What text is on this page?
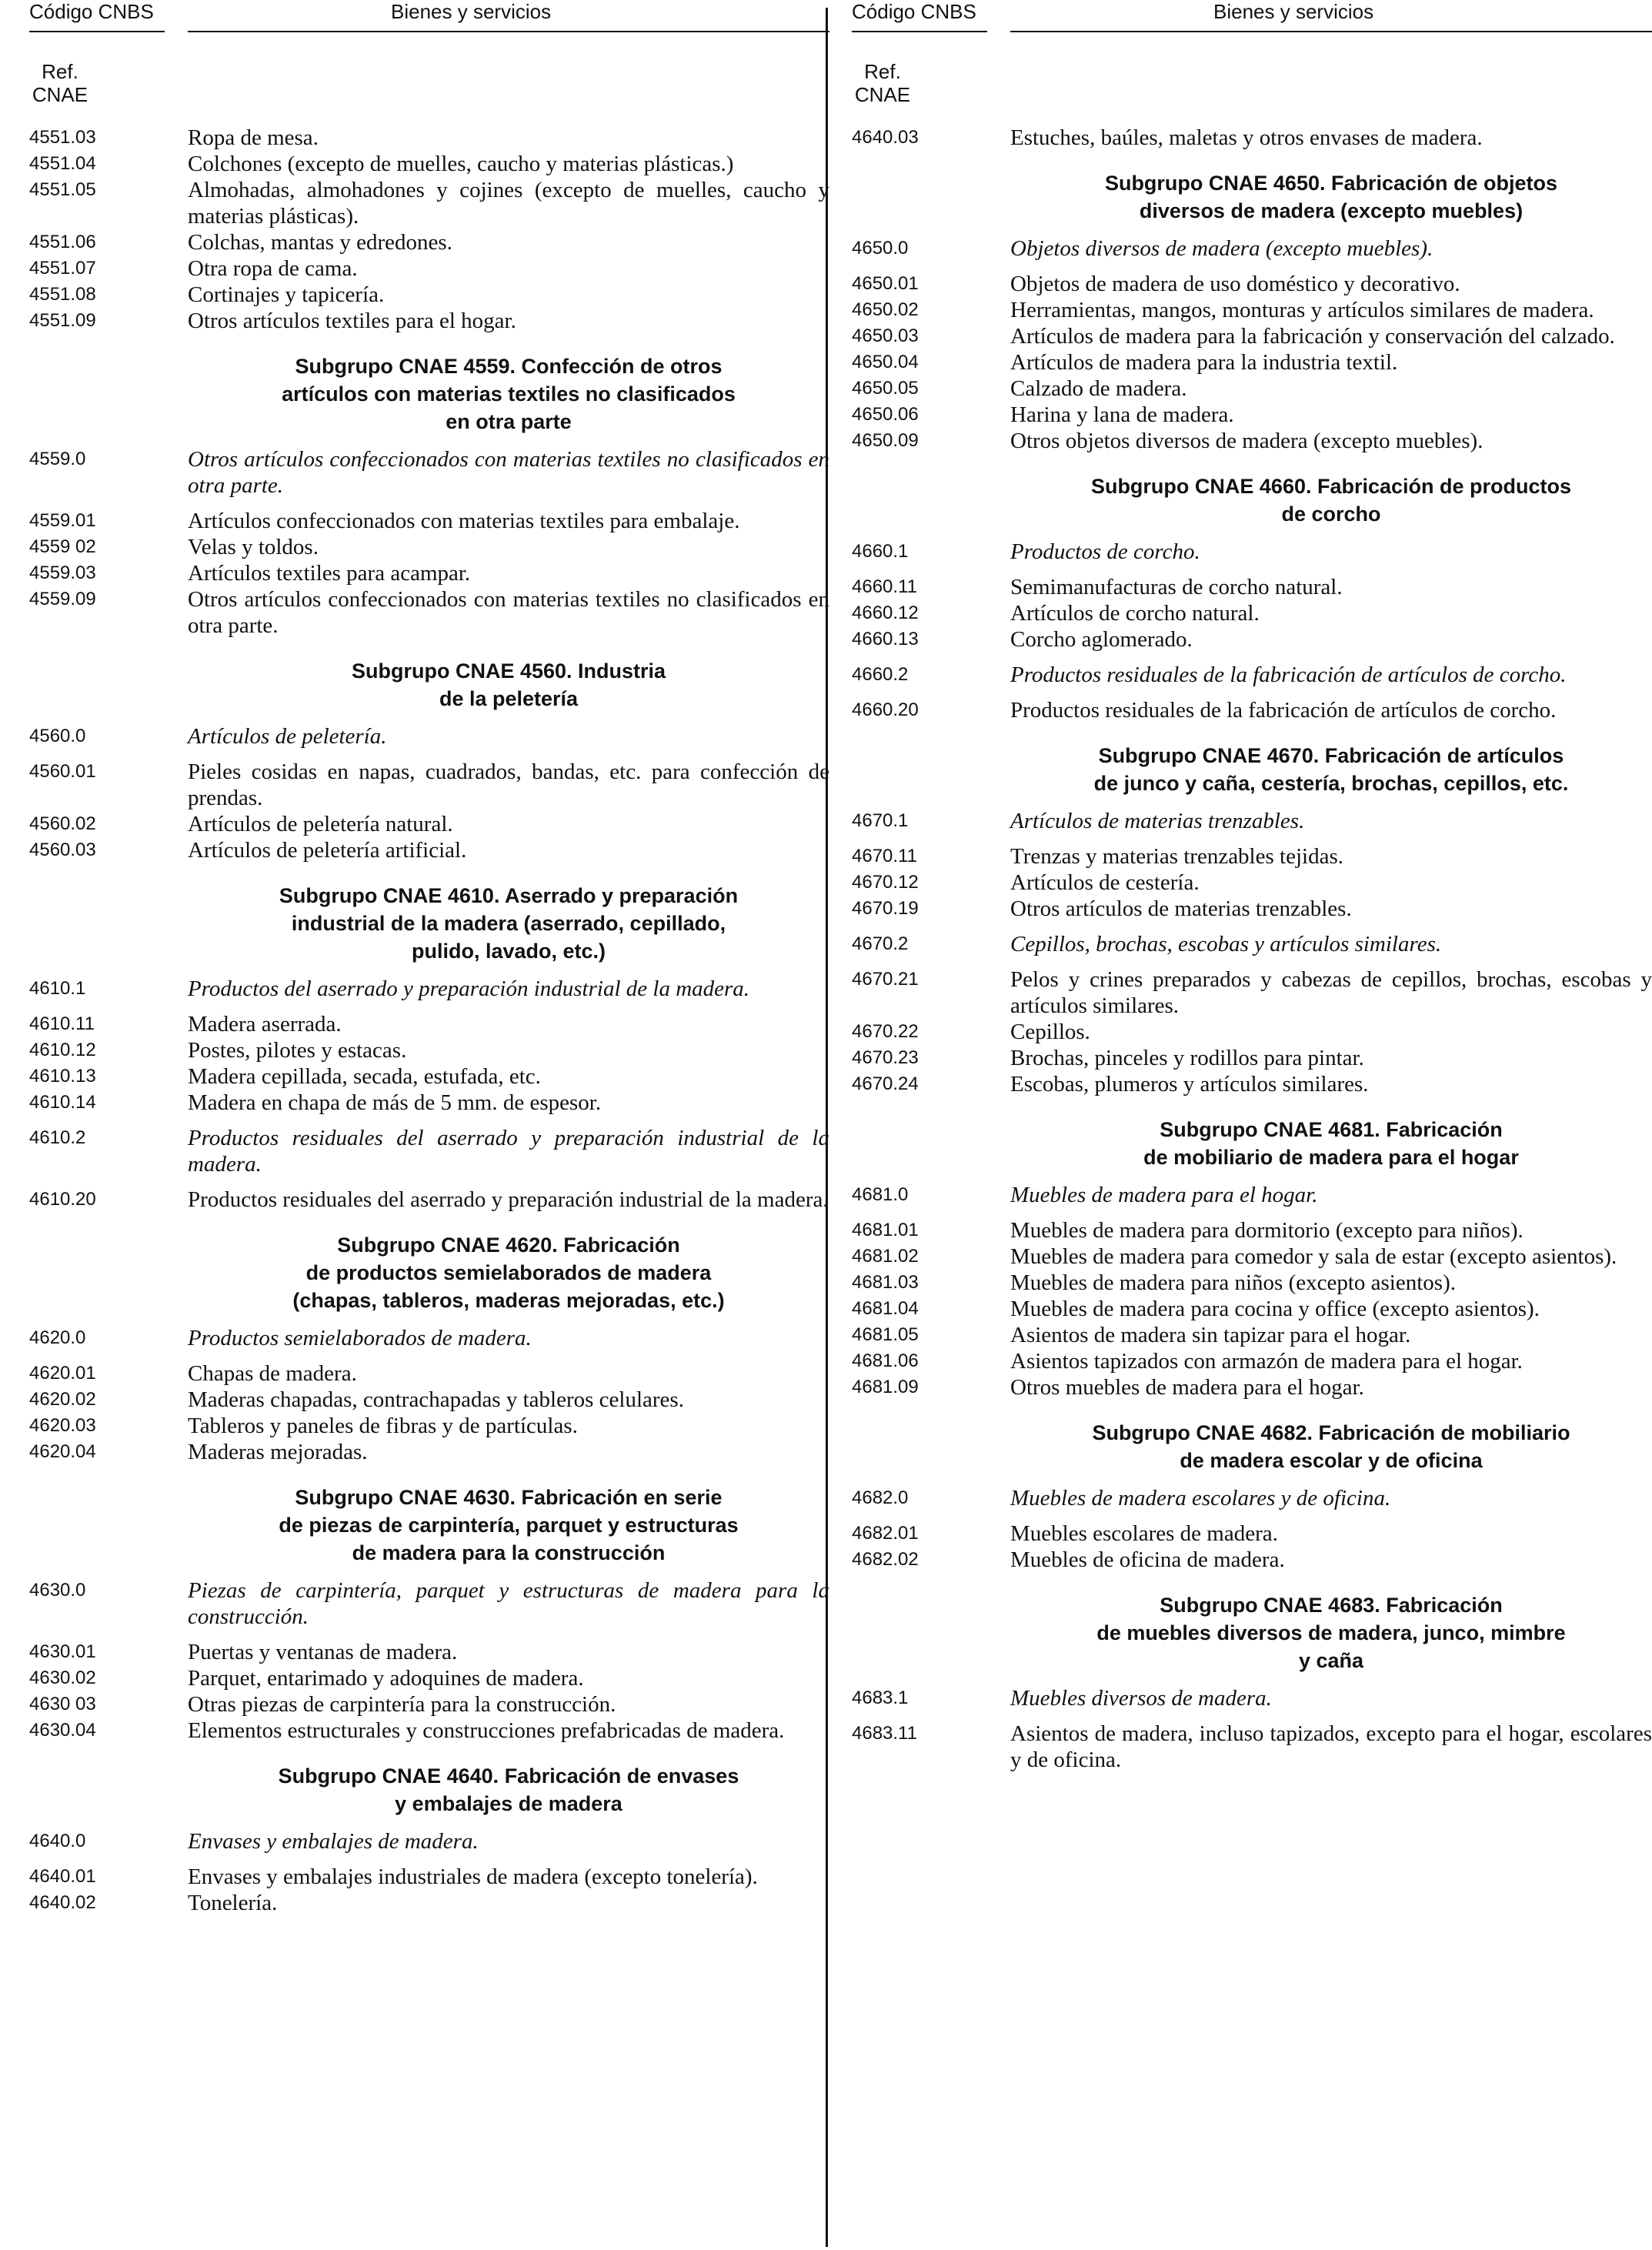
Código CNBS	Bienes y servicios
Ref.
CNAE
4551.03	Ropa de mesa.
4551.04	Colchones (excepto de muelles, caucho y materias plásticas.)
4551.05	Almohadas, almohadones y cojines (excepto de muelles, caucho y materias plásticas).
4551.06	Colchas, mantas y edredones.
4551.07	Otra ropa de cama.
4551.08	Cortinajes y tapicería.
4551.09	Otros artículos textiles para el hogar.
Subgrupo CNAE 4559. Confección de otros
artículos con materias textiles no clasificados
en otra parte
4559.0	Otros artículos confeccionados con materias textiles no clasificados en otra parte.
4559.01	Artículos confeccionados con materias textiles para embalaje.
4559 02	Velas y toldos.
4559.03	Artículos textiles para acampar.
4559.09	Otros artículos confeccionados con materias textiles no clasificados en otra parte.
Subgrupo CNAE 4560. Industria
de la peletería
4560.0	Artículos de peletería.
4560.01	Pieles cosidas en napas, cuadrados, bandas, etc. para confección de prendas.
4560.02	Artículos de peletería natural.
4560.03	Artículos de peletería artificial.
Subgrupo CNAE 4610. Aserrado y preparación
industrial de la madera (aserrado, cepillado,
pulido, lavado, etc.)
4610.1	Productos del aserrado y preparación industrial de la madera.
4610.11	Madera aserrada.
4610.12	Postes, pilotes y estacas.
4610.13	Madera cepillada, secada, estufada, etc.
4610.14	Madera en chapa de más de 5 mm. de espesor.
4610.2	Productos residuales del aserrado y preparación industrial de la madera.
4610.20	Productos residuales del aserrado y preparación industrial de la madera.
Subgrupo CNAE 4620. Fabricación
de productos semielaborados de madera
(chapas, tableros, maderas mejoradas, etc.)
4620.0	Productos semielaborados de madera.
4620.01	Chapas de madera.
4620.02	Maderas chapadas, contrachapadas y tableros celulares.
4620.03	Tableros y paneles de fibras y de partículas.
4620.04	Maderas mejoradas.
Subgrupo CNAE 4630. Fabricación en serie
de piezas de carpintería, parquet y estructuras
de madera para la construcción
4630.0	Piezas de carpintería, parquet y estructuras de madera para la construcción.
4630.01	Puertas y ventanas de madera.
4630.02	Parquet, entarimado y adoquines de madera.
4630 03	Otras piezas de carpintería para la construcción.
4630.04	Elementos estructurales y construcciones prefabricadas de madera.
Subgrupo CNAE 4640. Fabricación de envases
y embalajes de madera
4640.0	Envases y embalajes de madera.
4640.01	Envases y embalajes industriales de madera (excepto tonelería).
4640.02	Tonelería.
Código CNBS	Bienes y servicios
Ref.
CNAE
4640.03	Estuches, baúles, maletas y otros envases de madera.
Subgrupo CNAE 4650. Fabricación de objetos
diversos de madera (excepto muebles)
4650.0	Objetos diversos de madera (excepto muebles).
4650.01	Objetos de madera de uso doméstico y decorativo.
4650.02	Herramientas, mangos, monturas y artículos similares de madera.
4650.03	Artículos de madera para la fabricación y conservación del calzado.
4650.04	Artículos de madera para la industria textil.
4650.05	Calzado de madera.
4650.06	Harina y lana de madera.
4650.09	Otros objetos diversos de madera (excepto muebles).
Subgrupo CNAE 4660. Fabricación de productos
de corcho
4660.1	Productos de corcho.
4660.11	Semimanufacturas de corcho natural.
4660.12	Artículos de corcho natural.
4660.13	Corcho aglomerado.
4660.2	Productos residuales de la fabricación de artículos de corcho.
4660.20	Productos residuales de la fabricación de artículos de corcho.
Subgrupo CNAE 4670. Fabricación de artículos
de junco y caña, cestería, brochas, cepillos, etc.
4670.1	Artículos de materias trenzables.
4670.11	Trenzas y materias trenzables tejidas.
4670.12	Artículos de cestería.
4670.19	Otros artículos de materias trenzables.
4670.2	Cepillos, brochas, escobas y artículos similares.
4670.21	Pelos y crines preparados y cabezas de cepillos, brochas, escobas y artículos similares.
4670.22	Cepillos.
4670.23	Brochas, pinceles y rodillos para pintar.
4670.24	Escobas, plumeros y artículos similares.
Subgrupo CNAE 4681. Fabricación
de mobiliario de madera para el hogar
4681.0	Muebles de madera para el hogar.
4681.01	Muebles de madera para dormitorio (excepto para niños).
4681.02	Muebles de madera para comedor y sala de estar (excepto asientos).
4681.03	Muebles de madera para niños (excepto asientos).
4681.04	Muebles de madera para cocina y office (excepto asientos).
4681.05	Asientos de madera sin tapizar para el hogar.
4681.06	Asientos tapizados con armazón de madera para el hogar.
4681.09	Otros muebles de madera para el hogar.
Subgrupo CNAE 4682. Fabricación de mobiliario
de madera escolar y de oficina
4682.0	Muebles de madera escolares y de oficina.
4682.01	Muebles escolares de madera.
4682.02	Muebles de oficina de madera.
Subgrupo CNAE 4683. Fabricación
de muebles diversos de madera, junco, mimbre
y caña
4683.1	Muebles diversos de madera.
4683.11	Asientos de madera, incluso tapizados, excepto para el hogar, escolares y de oficina.
